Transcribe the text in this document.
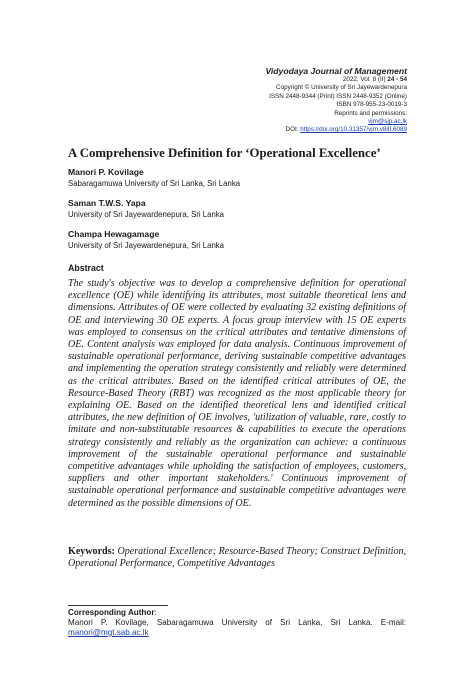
Vidyodaya Journal of Management
2022, Vol. 8 (II) 24 - 54
Copyright © University of Sri Jayewardenepura
ISSN 2448-9344 (Print) ISSN 2448-9352 (Online)
ISBN 978-955-23-0019-3
Reprints and permissions:
vjm@sjp.ac.lk
DOI: https://doi.org/10.31357/vjm.v8iII.6089
A Comprehensive Definition for ‘Operational Excellence’
Manori P. Kovilage
Sabaragamuwa University of Sri Lanka, Sri Lanka
Saman T.W.S. Yapa
University of Sri Jayewardenepura, Sri Lanka
Champa Hewagamage
University of Sri Jayewardenepura, Sri Lanka
Abstract
The study's objective was to develop a comprehensive definition for operational excellence (OE) while identifying its attributes, most suitable theoretical lens and dimensions. Attributes of OE were collected by evaluating 32 existing definitions of OE and interviewing 30 OE experts. A focus group interview with 15 OE experts was employed to consensus on the critical attributes and tentative dimensions of OE. Content analysis was employed for data analysis. Continuous improvement of sustainable operational performance, deriving sustainable competitive advantages and implementing the operation strategy consistently and reliably were determined as the critical attributes. Based on the identified critical attributes of OE, the Resource-Based Theory (RBT) was recognized as the most applicable theory for explaining OE. Based on the identified theoretical lens and identified critical attributes, the new definition of OE involves, 'utilization of valuable, rare, costly to imitate and non-substitutable resources & capabilities to execute the operations strategy consistently and reliably as the organization can achieve: a continuous improvement of the sustainable operational performance and sustainable competitive advantages while upholding the satisfaction of employees, customers, suppliers and other important stakeholders.' Continuous improvement of sustainable operational performance and sustainable competitive advantages were determined as the possible dimensions of OE.
Keywords: Operational Excellence; Resource-Based Theory; Construct Definition, Operational Performance, Competitive Advantages
Corresponding Author:
Manori P. Kovilage, Sabaragamuwa University of Sri Lanka, Sri Lanka. E-mail: manori@mgt.sab.ac.lk
